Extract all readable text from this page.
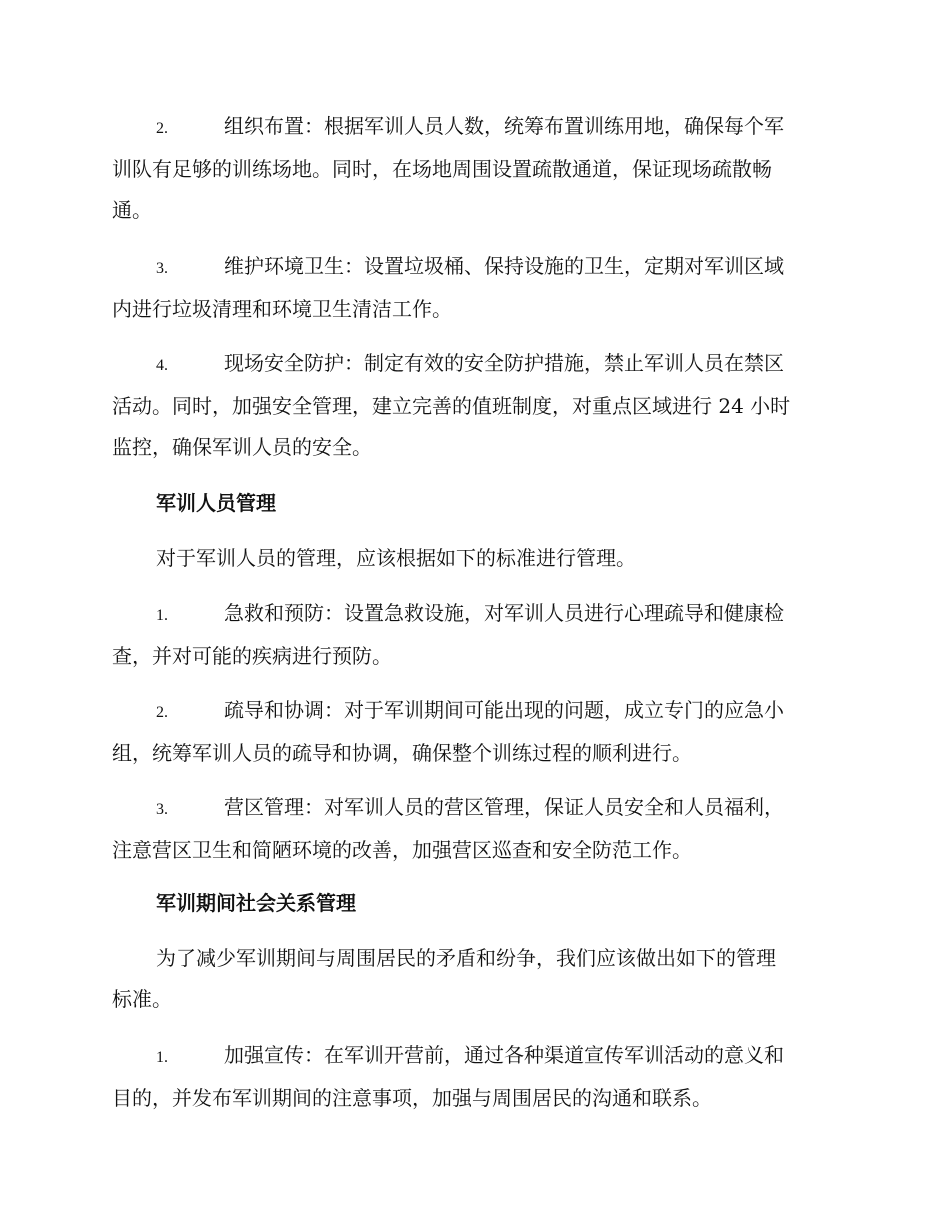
2.	组织布置：根据军训人员人数，统筹布置训练用地，确保每个军
训队有足够的训练场地。同时，在场地周围设置疏散通道，保证现场疏散畅
通。
3.	维护环境卫生：设置垃圾桶、保持设施的卫生，定期对军训区域
内进行垃圾清理和环境卫生清洁工作。
4.	现场安全防护：制定有效的安全防护措施，禁止军训人员在禁区
活动。同时，加强安全管理，建立完善的值班制度，对重点区域进行 24 小时
监控，确保军训人员的安全。
军训人员管理
对于军训人员的管理，应该根据如下的标准进行管理。
1.	急救和预防：设置急救设施，对军训人员进行心理疏导和健康检
查，并对可能的疾病进行预防。
2.	疏导和协调：对于军训期间可能出现的问题，成立专门的应急小
组，统筹军训人员的疏导和协调，确保整个训练过程的顺利进行。
3.	营区管理：对军训人员的营区管理，保证人员安全和人员福利，
注意营区卫生和简陋环境的改善，加强营区巡查和安全防范工作。
军训期间社会关系管理
为了减少军训期间与周围居民的矛盾和纷争，我们应该做出如下的管理
标准。
1.	加强宣传：在军训开营前，通过各种渠道宣传军训活动的意义和
目的，并发布军训期间的注意事项，加强与周围居民的沟通和联系。
